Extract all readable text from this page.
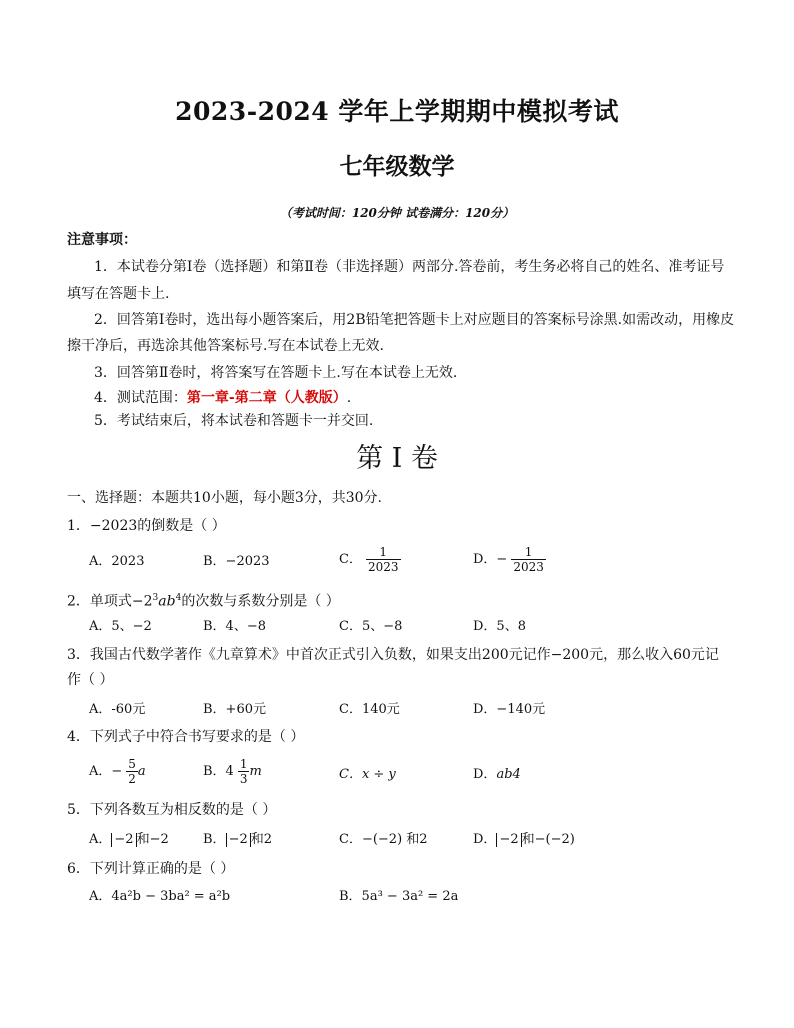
2023-2024 学年上学期期中模拟考试
七年级数学
（考试时间：120分钟 试卷满分：120分）
注意事项：
1．本试卷分第Ⅰ卷（选择题）和第Ⅱ卷（非选择题）两部分.答卷前，考生务必将自己的姓名、准考证号
填写在答题卡上.
2．回答第Ⅰ卷时，选出每小题答案后，用2B铅笔把答题卡上对应题目的答案标号涂黑.如需改动，用橡皮
擦干净后，再选涂其他答案标号.写在本试卷上无效.
3．回答第Ⅱ卷时，将答案写在答题卡上.写在本试卷上无效.
4．测试范围：第一章-第二章（人教版）.
5．考试结束后，将本试卷和答题卡一并交回.
第 I 卷
一、选择题：本题共10小题，每小题3分，共30分.
1．−2023的倒数是（ ）
A．2023	B．−2023	C． $\frac{1}{2023}$	D．− $\frac{1}{2023}$
2．单项式$-2^3ab^4$的次数与系数分别是（ ）
A．5、−2	B．4、−8	C．5、−8	D．5、8
3．我国古代数学著作《九章算术》中首次正式引入负数，如果支出200元记作−200元，那么收入60元记
作（ ）
A．-60元	B．+60元	C．140元	D．−140元
4．下列式子中符合书写要求的是（ ）
A．− $\frac{5}{2}$ a	B．$4 \frac{1}{3}$ m	C．x ÷ y	D．ab4
5．下列各数互为相反数的是（ ）
A． −2 和−2	B． −2 和2	C．−(−2) 和2	D． −2 和−(−2)
6．下列计算正确的是（ ）
A．4a²b − 3ba² = a²b	B．5a³ − 3a² = 2a
